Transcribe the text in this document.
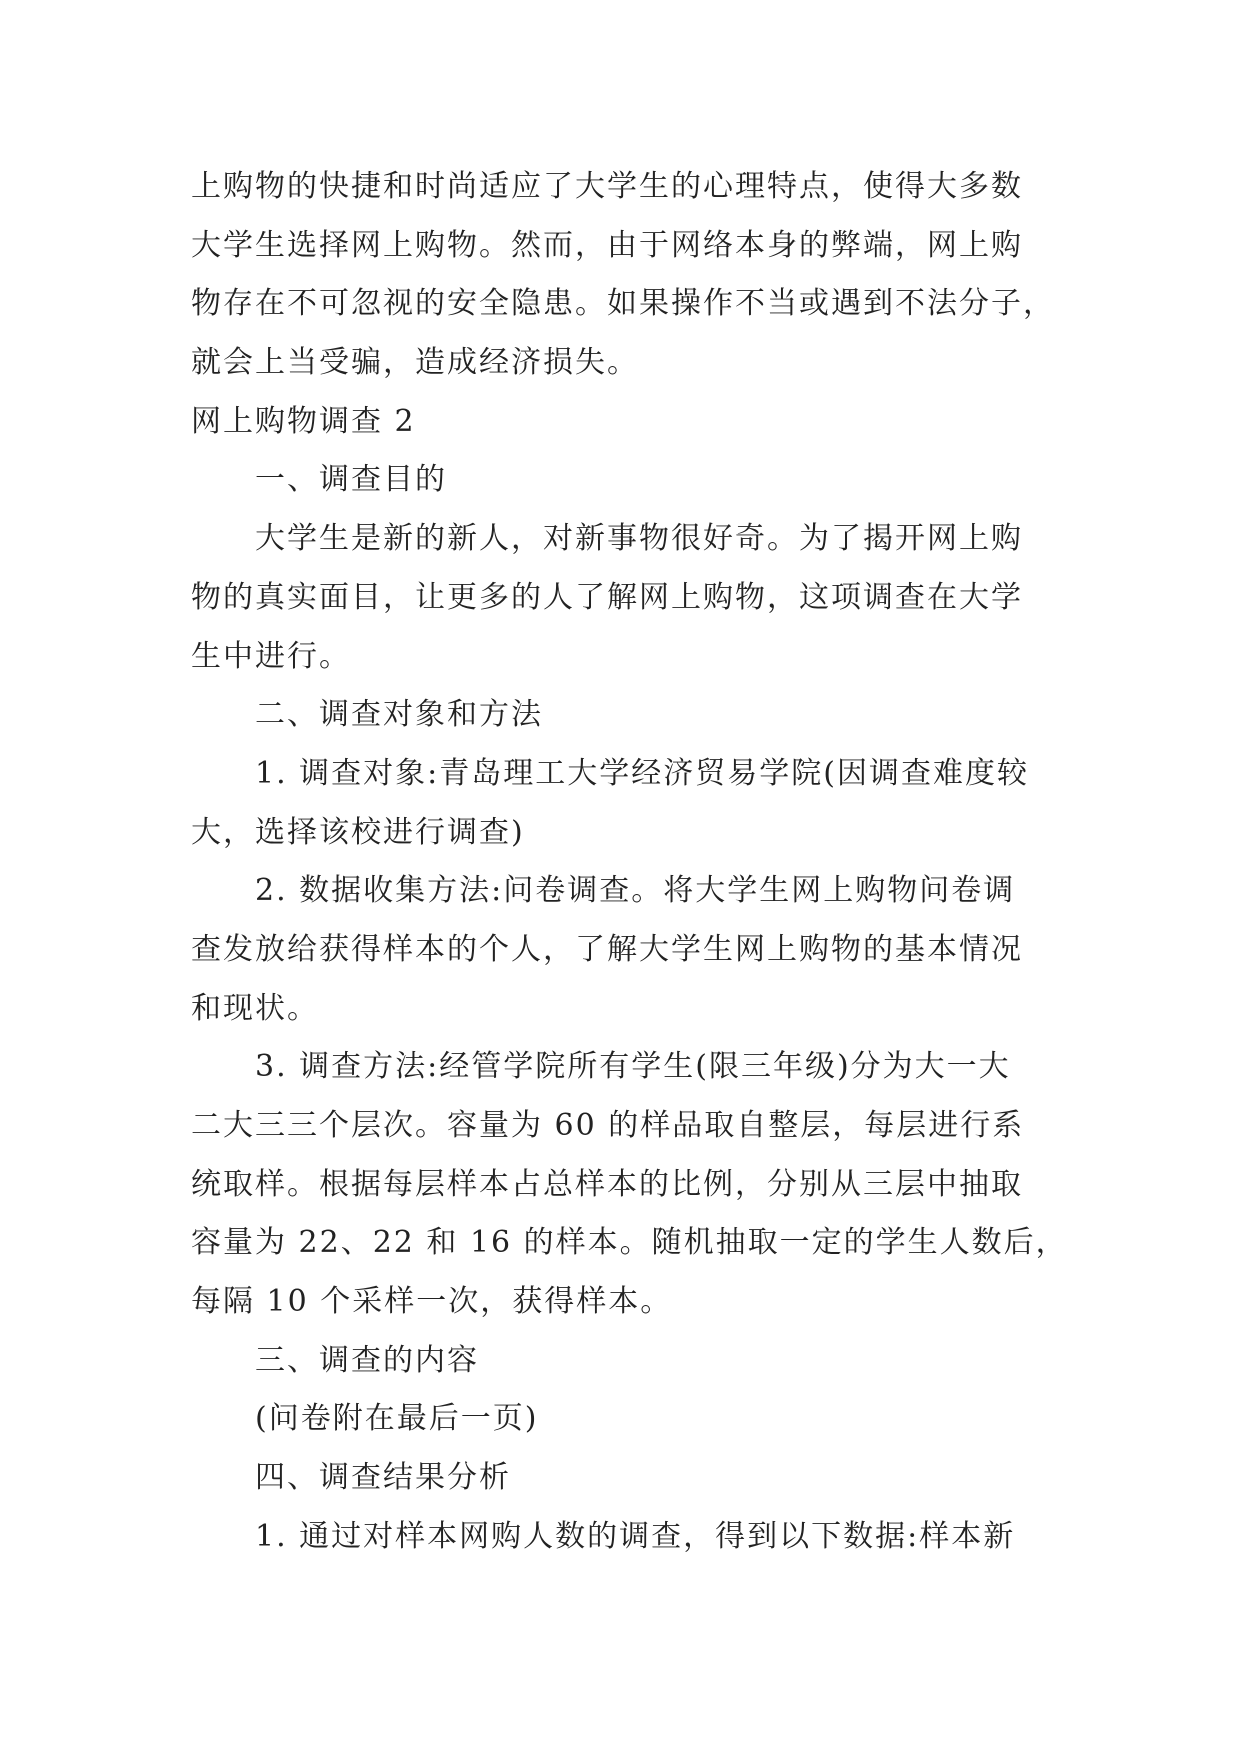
上购物的快捷和时尚适应了大学生的心理特点，使得大多数
大学生选择网上购物。然而，由于网络本身的弊端，网上购
物存在不可忽视的安全隐患。如果操作不当或遇到不法分子，
就会上当受骗，造成经济损失。
网上购物调查 2
一、调查目的
大学生是新的新人，对新事物很好奇。为了揭开网上购
物的真实面目，让更多的人了解网上购物，这项调查在大学
生中进行。
二、调查对象和方法
1. 调查对象:青岛理工大学经济贸易学院(因调查难度较
大，选择该校进行调查)
2. 数据收集方法:问卷调查。将大学生网上购物问卷调
查发放给获得样本的个人，了解大学生网上购物的基本情况
和现状。
3. 调查方法:经管学院所有学生(限三年级)分为大一大
二大三三个层次。容量为 60 的样品取自整层，每层进行系
统取样。根据每层样本占总样本的比例，分别从三层中抽取
容量为 22、22 和 16 的样本。随机抽取一定的学生人数后，
每隔 10 个采样一次，获得样本。
三、调查的内容
(问卷附在最后一页)
四、调查结果分析
1. 通过对样本网购人数的调查，得到以下数据:样本新
